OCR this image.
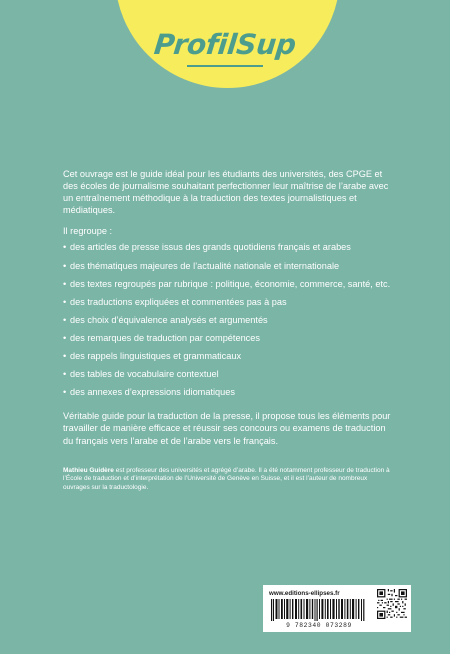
ProfilSup

Cet ouvrage est le guide idéal pour les étudiants des universités, des CPGE et des écoles de journalisme souhaitant perfectionner leur maîtrise de l’arabe avec un entraînement méthodique à la traduction des textes journalistiques et médiatiques.

Il regroupe :

• des articles de presse issus des grands quotidiens français et arabes
• des thématiques majeures de l’actualité nationale et internationale
• des textes regroupés par rubrique : politique, économie, commerce, santé, etc.
• des traductions expliquées et commentées pas à pas
• des choix d’équivalence analysés et argumentés
• des remarques de traduction par compétences
• des rappels linguistiques et grammaticaux
• des tables de vocabulaire contextuel
• des annexes d’expressions idiomatiques

Véritable guide pour la traduction de la presse, il propose tous les éléments pour travailler de manière efficace et réussir ses concours ou examens de traduction du français vers l’arabe et de l’arabe vers le français.

Mathieu Guidère est professeur des universités et agrégé d’arabe. Il a été notamment professeur de traduction à l’École de traduction et d’interprétation de l’Université de Genève en Suisse, et il est l’auteur de nombreux ouvrages sur la traductologie.

www.editions-ellipses.fr
9 782340 073289
